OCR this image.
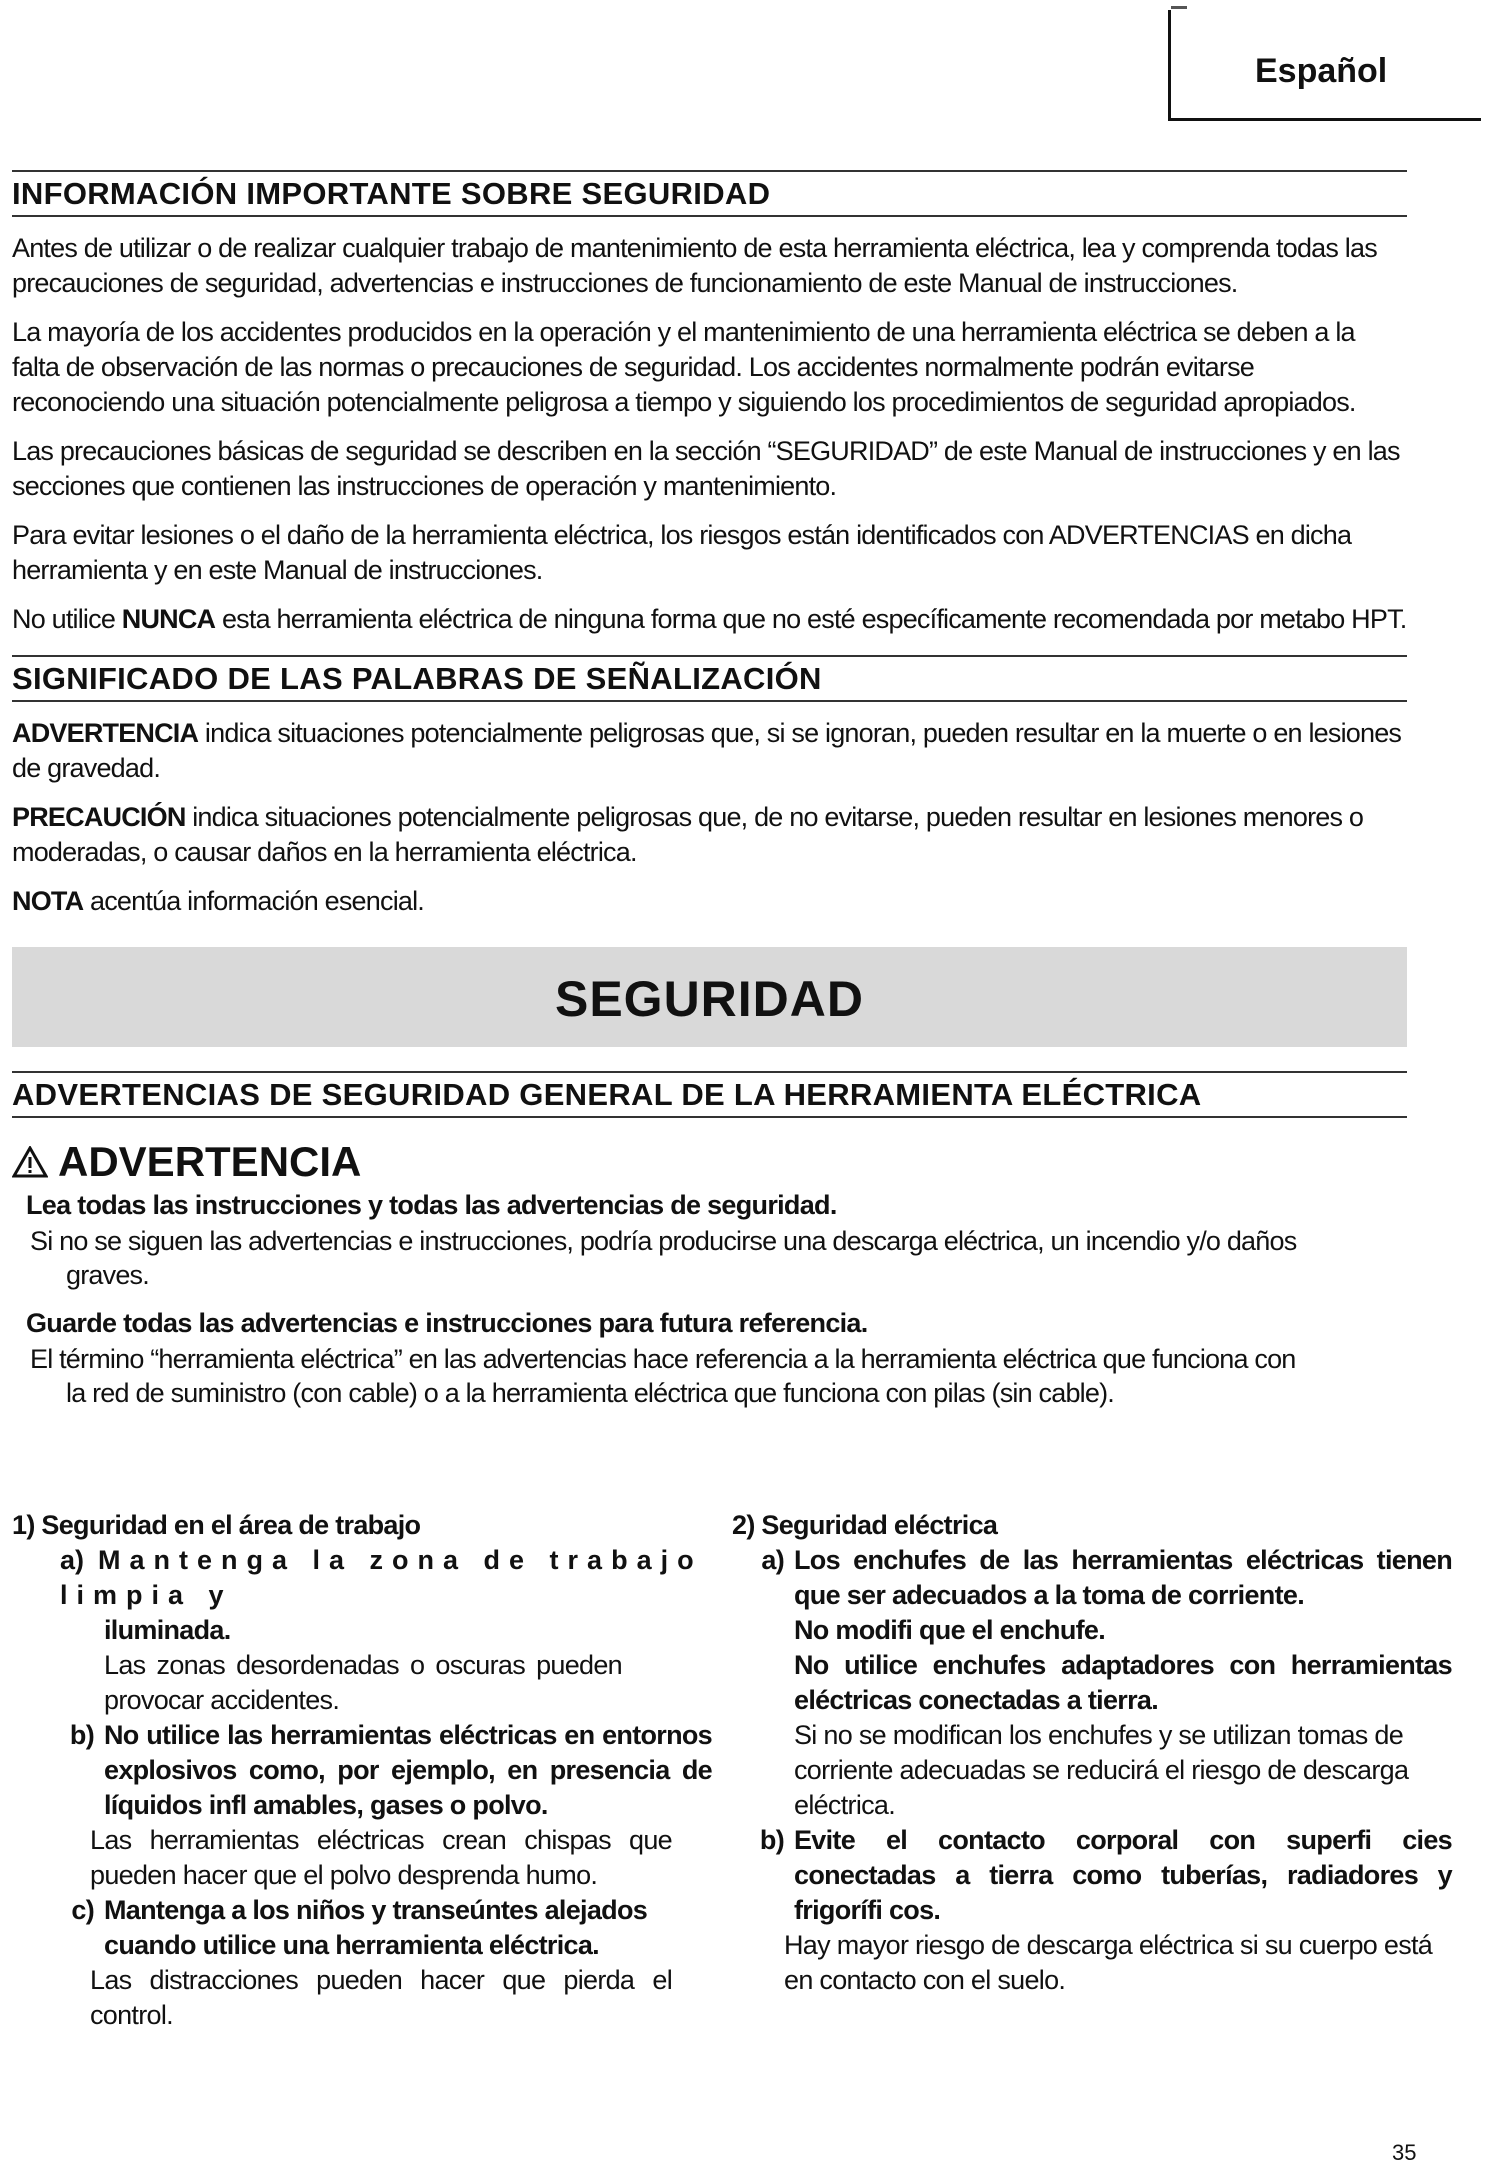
Español
INFORMACIÓN IMPORTANTE SOBRE SEGURIDAD

Antes de utilizar o de realizar cualquier trabajo de mantenimiento de esta herramienta eléctrica, lea y comprenda todas las precauciones de seguridad, advertencias e instrucciones de funcionamiento de este Manual de instrucciones.

La mayoría de los accidentes producidos en la operación y el mantenimiento de una herramienta eléctrica se deben a la falta de observación de las normas o precauciones de seguridad. Los accidentes normalmente podrán evitarse reconociendo una situación potencialmente peligrosa a tiempo y siguiendo los procedimientos de seguridad apropiados.

Las precauciones básicas de seguridad se describen en la sección “SEGURIDAD” de este Manual de instrucciones y en las secciones que contienen las instrucciones de operación y mantenimiento.

Para evitar lesiones o el daño de la herramienta eléctrica, los riesgos están identificados con ADVERTENCIAS en dicha herramienta y en este Manual de instrucciones.

No utilice NUNCA esta herramienta eléctrica de ninguna forma que no esté específicamente recomendada por metabo HPT.

SIGNIFICADO DE LAS PALABRAS DE SEÑALIZACIÓN

ADVERTENCIA indica situaciones potencialmente peligrosas que, si se ignoran, pueden resultar en la muerte o en lesiones de gravedad.

PRECAUCIÓN indica situaciones potencialmente peligrosas que, de no evitarse, pueden resultar en lesiones menores o moderadas, o causar daños en la herramienta eléctrica.

NOTA acentúa información esencial.

SEGURIDAD
ADVERTENCIAS DE SEGURIDAD GENERAL DE LA HERRAMIENTA ELÉCTRICA
ADVERTENCIA
Lea todas las instrucciones y todas las advertencias de seguridad.
Si no se siguen las advertencias e instrucciones, podría producirse una descarga eléctrica, un incendio y/o daños
graves.
Guarde todas las advertencias e instrucciones para futura referencia.
El término “herramienta eléctrica” en las advertencias hace referencia a la herramienta eléctrica que funciona con
la red de suministro (con cable) o a la herramienta eléctrica que funciona con pilas (sin cable).
1) Seguridad en el área de trabajo
a) Mantenga la zona de trabajo limpia y
iluminada.
Las zonas desordenadas o oscuras pueden provocar accidentes.
b) No utilice las herramientas eléctricas en entornos explosivos como, por ejemplo, en presencia de líquidos infl amables, gases o polvo.
Las herramientas eléctricas crean chispas que pueden hacer que el polvo desprenda humo.
c) Mantenga a los niños y transeúntes alejados cuando utilice una herramienta eléctrica.
Las distracciones pueden hacer que pierda el control.
2) Seguridad eléctrica
a) Los enchufes de las herramientas eléctricas tienen que ser adecuados a la toma de corriente.
No modifi que el enchufe.
No utilice enchufes adaptadores con herramientas eléctricas conectadas a tierra.
Si no se modifican los enchufes y se utilizan tomas de corriente adecuadas se reducirá el riesgo de descarga eléctrica.
b) Evite el contacto corporal con superfi cies conectadas a tierra como tuberías, radiadores y frigorífi cos.
Hay mayor riesgo de descarga eléctrica si su cuerpo está en contacto con el suelo.
35
